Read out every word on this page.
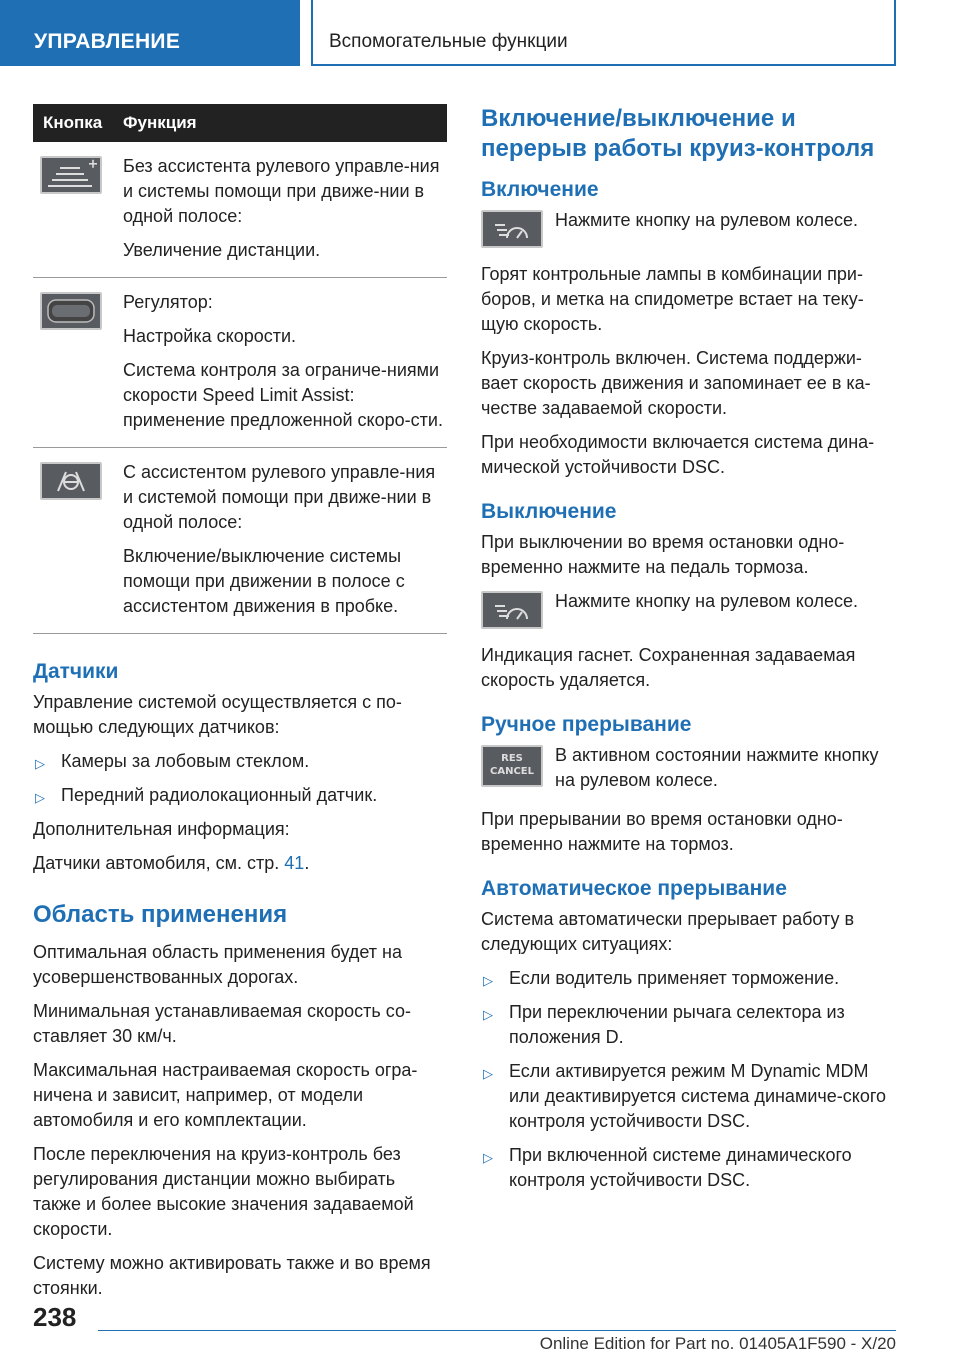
УПРАВЛЕНИЕ	Вспомогательные функции
Кнопка	Функция

Без ассистента рулевого управле-ния и системы помощи при движе-нии в одной полосе:

Увеличение дистанции.

Регулятор:

Настройка скорости.

Система контроля за ограниче-ниями скорости Speed Limit Assist: применение предложенной скоро-сти.

С ассистентом рулевого управле-ния и системой помощи при движе-нии в одной полосе:

Включение/выключение системы помощи при движении в полосе с ассистентом движения в пробке.

Датчики

Управление системой осуществляется с по-мощью следующих датчиков:

▷ Камеры за лобовым стеклом.
▷ Передний радиолокационный датчик.

Дополнительная информация:

Датчики автомобиля, см. стр. 41.

Область применения

Оптимальная область применения будет на усовершенствованных дорогах.

Минимальная устанавливаемая скорость со-ставляет 30 км/ч.

Максимальная настраиваемая скорость огра-ничена и зависит, например, от модели автомобиля и его комплектации.

После переключения на круиз-контроль без регулирования дистанции можно выбирать также и более высокие значения задаваемой скорости.

Систему можно активировать также и во время стоянки.

Включение/выключение и перерыв работы круиз-контроля
Включение
Нажмите кнопку на рулевом колесе.

Горят контрольные лампы в комбинации при-боров, и метка на спидометре встает на теку-щую скорость.

Круиз-контроль включен. Система поддержи-вает скорость движения и запоминает ее в ка-честве задаваемой скорости.

При необходимости включается система дина-мической устойчивости DSC.

Выключение

При выключении во время остановки одно-временно нажмите на педаль тормоза.

Нажмите кнопку на рулевом колесе.

Индикация гаснет. Сохраненная задаваемая скорость удаляется.

Ручное прерывание
RES
CANCEL
В активном состоянии нажмите кнопку на рулевом колесе.

При прерывании во время остановки одно-временно нажмите на тормоз.

Автоматическое прерывание

Система автоматически прерывает работу в следующих ситуациях:

▷ Если водитель применяет торможение.
▷ При переключении рычага селектора из положения D.
▷ Если активируется режим M Dynamic MDM или деактивируется система динамиче-ского контроля устойчивости DSC.
▷ При включенной системе динамического контроля устойчивости DSC.
238
Online Edition for Part no. 01405A1F590 - X/20
